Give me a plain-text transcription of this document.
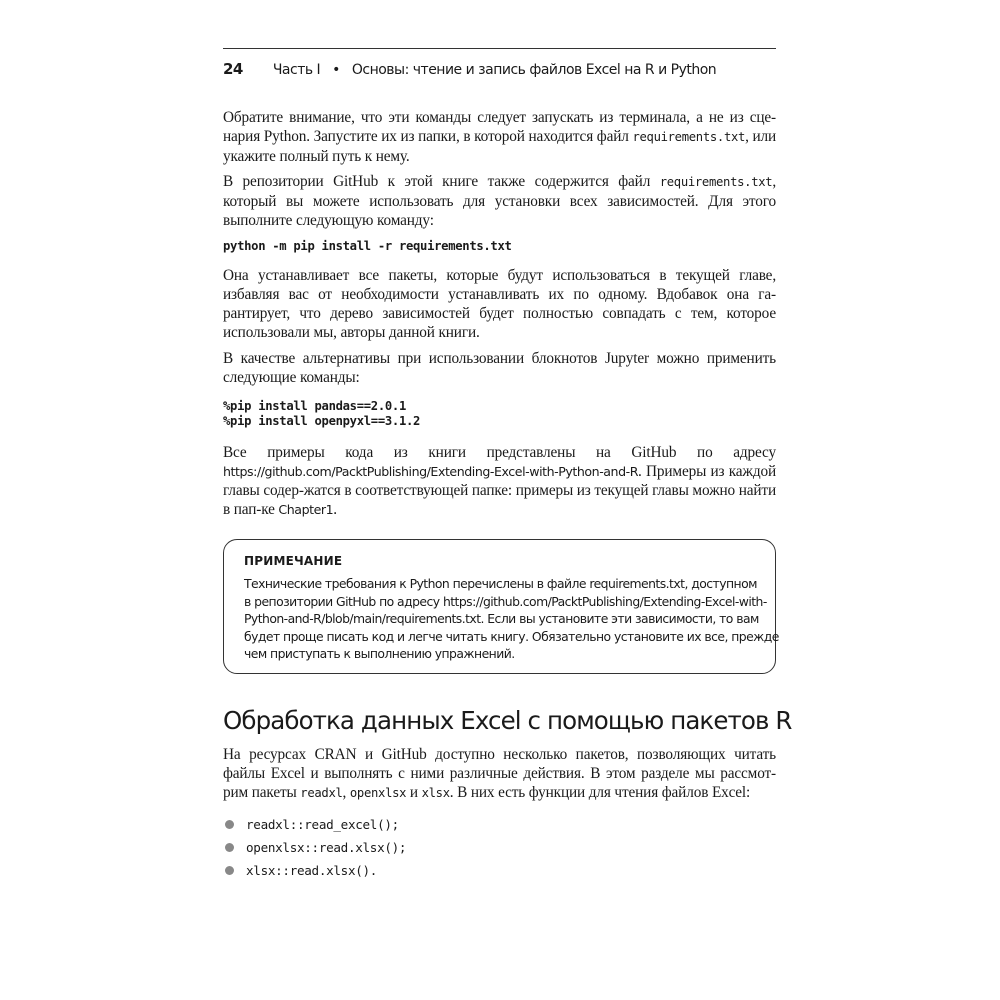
24 Часть I • Основы: чтение и запись файлов Excel на R и Python

Обратите внимание, что эти команды следует запускать из терминала, а не из сце-нария Python. Запустите их из папки, в которой находится файл requirements.txt, или укажите полный путь к нему.

В репозитории GitHub к этой книге также содержится файл requirements.txt, который вы можете использовать для установки всех зависимостей. Для этого выполните следующую команду:

python -m pip install -r requirements.txt

Она устанавливает все пакеты, которые будут использоваться в текущей главе, избавляя вас от необходимости устанавливать их по одному. Вдобавок она га-рантирует, что дерево зависимостей будет полностью совпадать с тем, которое использовали мы, авторы данной книги.

В качестве альтернативы при использовании блокнотов Jupyter можно применить следующие команды:

%pip install pandas==2.0.1
%pip install openpyxl==3.1.2

Все примеры кода из книги представлены на GitHub по адресу https://github.com/PacktPublishing/Extending-Excel-with-Python-and-R. Примеры из каждой главы содер-жатся в соответствующей папке: примеры из текущей главы можно найти в пап-ке Chapter1.

ПРИМЕЧАНИЕ
Технические требования к Python перечислены в файле requirements.txt, доступном
в репозитории GitHub по адресу https://github.com/PacktPublishing/Extending-Excel-with-
Python-and-R/blob/main/requirements.txt. Если вы установите эти зависимости, то вам
будет проще писать код и легче читать книгу. Обязательно установите их все, прежде
чем приступать к выполнению упражнений.
Обработка данных Excel с помощью пакетов R

На ресурсах CRAN и GitHub доступно несколько пакетов, позволяющих читать файлы Excel и выполнять с ними различные действия. В этом разделе мы рассмот-рим пакеты readxl, openxlsx и xlsx. В них есть функции для чтения файлов Excel:

readxl::read_excel();
openxlsx::read.xlsx();
xlsx::read.xlsx().
